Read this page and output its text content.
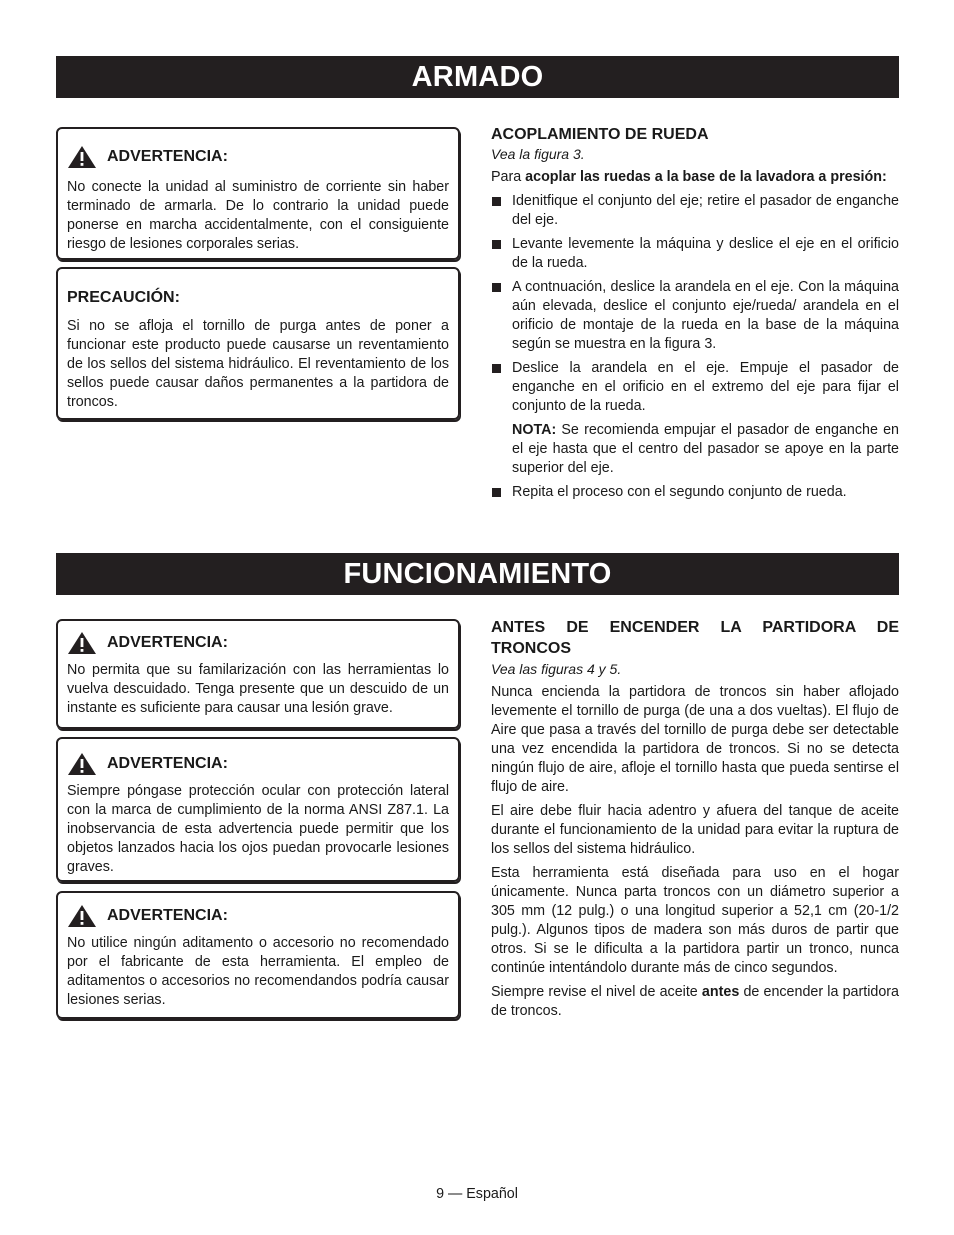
ARMADO
ADVERTENCIA:
No conecte la unidad al suministro de corriente sin haber terminado de armarla. De lo contrario la unidad puede ponerse en marcha accidentalmente, con el consiguiente riesgo de lesiones corporales serias.
PRECAUCIÓN:
Si no se afloja el tornillo de purga antes de poner a funcionar este producto puede causarse un reventamiento de los sellos del sistema hidráulico. El reventamiento de los sellos puede causar daños permanentes a la partidora de troncos.
ACOPLAMIENTO DE RUEDA
Vea la figura 3.

Para acoplar las ruedas a la base de la lavadora a presión:

Idenitfique el conjunto del eje; retire el pasador de enganche del eje.
Levante levemente la máquina y deslice el eje en el orificio de la rueda.
A contnuación, deslice la arandela en el eje. Con la máquina aún elevada, deslice el conjunto eje/rueda/ arandela en el orificio de montaje de la rueda en la base de la máquina según se muestra en la figura 3.
Deslice la arandela en el eje. Empuje el pasador de enganche en el orificio en el extremo del eje para fijar el conjunto de la rueda.
NOTA: Se recomienda empujar el pasador de enganche en el eje hasta que el centro del pasador se apoye en la parte superior del eje.
Repita el proceso con el segundo conjunto de rueda.
FUNCIONAMIENTO
ADVERTENCIA:
No permita que su familarización con las herramientas lo vuelva descuidado. Tenga presente que un descuido de un instante es suficiente para causar una lesión grave.
ADVERTENCIA:
Siempre póngase protección ocular con protección lateral con la marca de cumplimiento de la norma ANSI Z87.1. La inobservancia de esta advertencia puede permitir que los objetos lanzados hacia los ojos puedan provocarle lesiones graves.
ADVERTENCIA:
No utilice ningún aditamento o accesorio no recomendado por el fabricante de esta herramienta. El empleo de aditamentos o accesorios no recomendandos podría causar lesiones serias.
ANTES DE ENCENDER LA PARTIDORA DE TRONCOS
Vea las figuras 4 y 5.

Nunca encienda la partidora de troncos sin haber aflojado levemente el tornillo de purga (de una a dos vueltas). El flujo de Aire que pasa a través del tornillo de purga debe ser detectable una vez encendida la partidora de troncos. Si no se detecta ningún flujo de aire, afloje el tornillo hasta que pueda sentirse el flujo de aire.

El aire debe fluir hacia adentro y afuera del tanque de aceite durante el funcionamiento de la unidad para evitar la ruptura de los sellos del sistema hidráulico.

Esta herramienta está diseñada para uso en el hogar únicamente. Nunca parta troncos con un diámetro superior a 305 mm (12 pulg.) o una longitud superior a 52,1 cm (20-1/2 pulg.). Algunos tipos de madera son más duros de partir que otros. Si se le dificulta a la partidora partir un tronco, nunca continúe intentándolo durante más de cinco segundos.

Siempre revise el nivel de aceite antes de encender la partidora de troncos.

9 — Español
